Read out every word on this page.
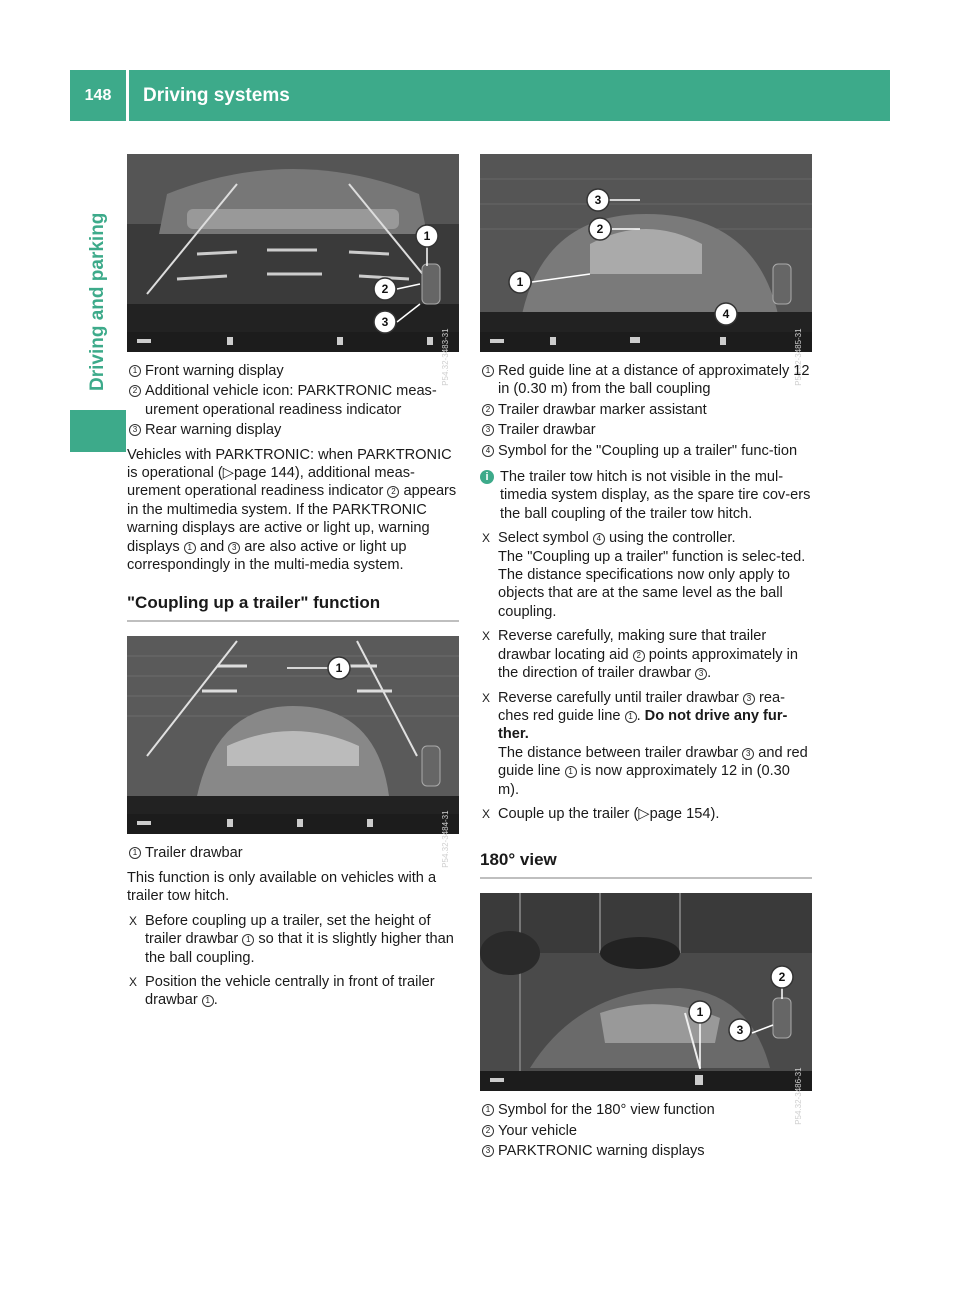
148	Driving systems
Driving and parking	1
2
3
P54.32-3483-31
1 Front warning display
2 Additional vehicle icon: PARKTRONIC meas-urement operational readiness indicator
3 Rear warning display

Vehicles with PARKTRONIC: when PARKTRONIC is operational (▷page 144), additional meas-urement operational readiness indicator 2 appears in the multimedia system. If the PARKTRONIC warning displays are active or light up, warning displays 1 and 3 are also active or light up correspondingly in the multi-media system.

"Coupling up a trailer" function
1
P54.32-3484-31
1 Trailer drawbar

This function is only available on vehicles with a trailer tow hitch.

X Before coupling up a trailer, set the height of trailer drawbar 1 so that it is slightly higher than the ball coupling.
X Position the vehicle centrally in front of trailer drawbar 1 .
1
2
3
4
P54.32-3485-31
1 Red guide line at a distance of approximately 12 in (0.30 m) from the ball coupling
2 Trailer drawbar marker assistant
3 Trailer drawbar
4 Symbol for the "Coupling up a trailer" func-tion
i The trailer tow hitch is not visible in the mul-timedia system display, as the spare tire cov-ers the ball coupling of the trailer tow hitch.
X Select symbol 4 using the controller.
The "Coupling up a trailer" function is selec-ted. The distance specifications now only apply to objects that are at the same level as the ball coupling.
X Reverse carefully, making sure that trailer drawbar locating aid 2 points approximately in the direction of trailer drawbar 3 .
X Reverse carefully until trailer drawbar 3 rea-ches red guide line 1 . Do not drive any fur-ther.
The distance between trailer drawbar 3 and red guide line 1 is now approximately 12 in (0.30 m).
X Couple up the trailer (▷page 154).
180° view
1
2
3
P54.32-3486-31
1 Symbol for the 180° view function
2 Your vehicle
3 PARKTRONIC warning displays
